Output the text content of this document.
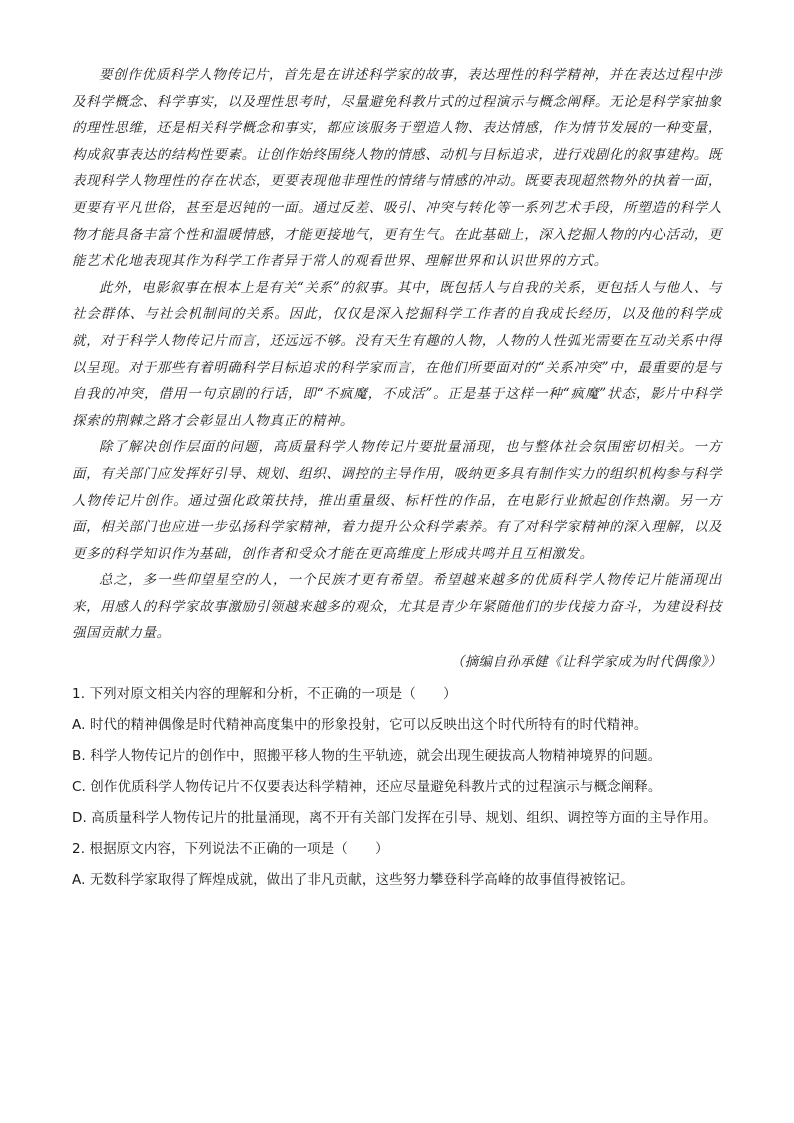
要创作优质科学人物传记片，首先是在讲述科学家的故事，表达理性的科学精神，并在表达过程中涉及科学概念、科学事实，以及理性思考时，尽量避免科教片式的过程演示与概念阐释。无论是科学家抽象的理性思维，还是相关科学概念和事实，都应该服务于塑造人物、表达情感，作为情节发展的一种变量，构成叙事表达的结构性要素。让创作始终围绕人物的情感、动机与目标追求，进行戏剧化的叙事建构。既表现科学人物理性的存在状态，更要表现他非理性的情绪与情感的冲动。既要表现超然物外的执着一面，更要有平凡世俗，甚至是迟钝的一面。通过反差、吸引、冲突与转化等一系列艺术手段，所塑造的科学人物才能具备丰富个性和温暖情感，才能更接地气，更有生气。在此基础上，深入挖掘人物的内心活动，更能艺术化地表现其作为科学工作者异于常人的观看世界、理解世界和认识世界的方式。

此外，电影叙事在根本上是有关“关系”的叙事。其中，既包括人与自我的关系，更包括人与他人、与社会群体、与社会机制间的关系。因此，仅仅是深入挖掘科学工作者的自我成长经历，以及他的科学成就，对于科学人物传记片而言，还远远不够。没有天生有趣的人物，人物的人性弧光需要在互动关系中得以呈现。对于那些有着明确科学目标追求的科学家而言，在他们所要面对的“关系冲突”中，最重要的是与自我的冲突，借用一句京剧的行话，即“不疯魔，不成活”。正是基于这样一种“疯魔”状态，影片中科学探索的荆棘之路才会彰显出人物真正的精神。

除了解决创作层面的问题，高质量科学人物传记片要批量涌现，也与整体社会氛围密切相关。一方面，有关部门应发挥好引导、规划、组织、调控的主导作用，吸纳更多具有制作实力的组织机构参与科学人物传记片创作。通过强化政策扶持，推出重量级、标杆性的作品，在电影行业掀起创作热潮。另一方面，相关部门也应进一步弘扬科学家精神，着力提升公众科学素养。有了对科学家精神的深入理解，以及更多的科学知识作为基础，创作者和受众才能在更高维度上形成共鸣并且互相激发。

总之，多一些仰望星空的人，一个民族才更有希望。希望越来越多的优质科学人物传记片能涌现出来，用感人的科学家故事激励引领越来越多的观众，尤其是青少年紧随他们的步伐接力奋斗，为建设科技强国贡献力量。

（摘编自孙承健《让科学家成为时代偶像》）

1. 下列对原文相关内容的理解和分析，不正确的一项是（　　）

A. 时代的精神偶像是时代精神高度集中的形象投射，它可以反映出这个时代所特有的时代精神。

B. 科学人物传记片的创作中，照搬平移人物的生平轨迹，就会出现生硬拔高人物精神境界的问题。

C. 创作优质科学人物传记片不仅要表达科学精神，还应尽量避免科教片式的过程演示与概念阐释。

D. 高质量科学人物传记片的批量涌现，离不开有关部门发挥在引导、规划、组织、调控等方面的主导作用。

2. 根据原文内容，下列说法不正确的一项是（　　）

A. 无数科学家取得了辉煌成就，做出了非凡贡献，这些努力攀登科学高峰的故事值得被铭记。
